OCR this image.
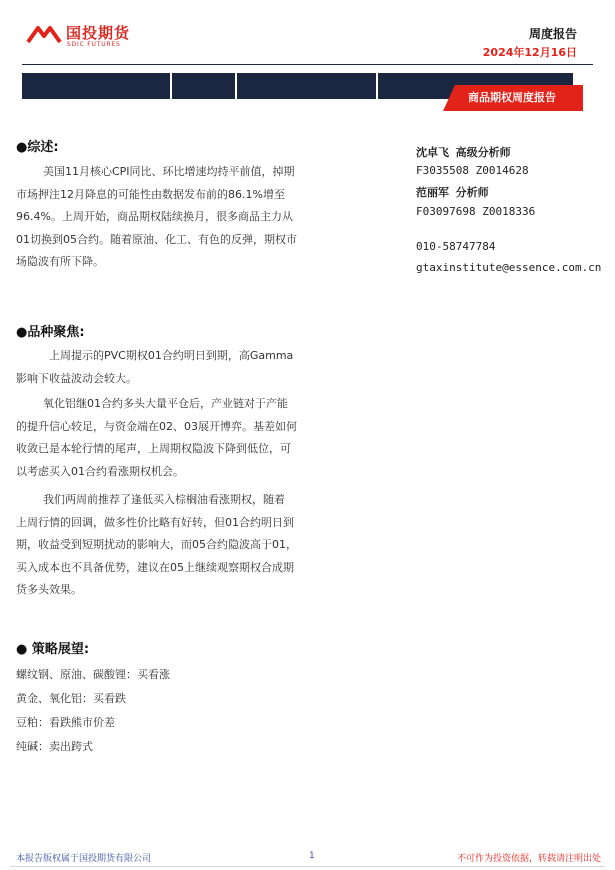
国投期货
SDIC FUTURES
周度报告
2024年12月16日
商品期权周度报告
●综述:
美国11月核心CPI同比、环比增速均持平前值，掉期
市场押注12月降息的可能性由数据发布前的86.1%增至
96.4%。上周开始，商品期权陆续换月，很多商品主力从
01切换到05合约。随着原油、化工、有色的反弹，期权市
场隐波有所下降。
●品种聚焦:
上周提示的PVC期权01合约明日到期，高Gamma
影响下收益波动会较大。
氧化铝继01合约多头大量平仓后，产业链对于产能
的提升信心较足，与资金端在02、03展开博弈。基差如何
收敛已是本轮行情的尾声，上周期权隐波下降到低位，可
以考虑买入01合约看涨期权机会。
我们两周前推荐了逢低买入棕榈油看涨期权，随着
上周行情的回调，做多性价比略有好转，但01合约明日到
期，收益受到短期扰动的影响大，而05合约隐波高于01，
买入成本也不具备优势，建议在05上继续观察期权合成期
货多头效果。
● 策略展望:
螺纹钢、原油、碳酸锂：买看涨
黄金、氧化铝：买看跌
豆粕：看跌熊市价差
纯碱：卖出跨式
沈卓飞 高级分析师
F3035508 Z0014628
范丽军 分析师
F03097698 Z0018336
010-58747784
gtaxinstitute@essence.com.cn
本报告版权属于国投期货有限公司	1	不可作为投资依据，转载请注明出处
